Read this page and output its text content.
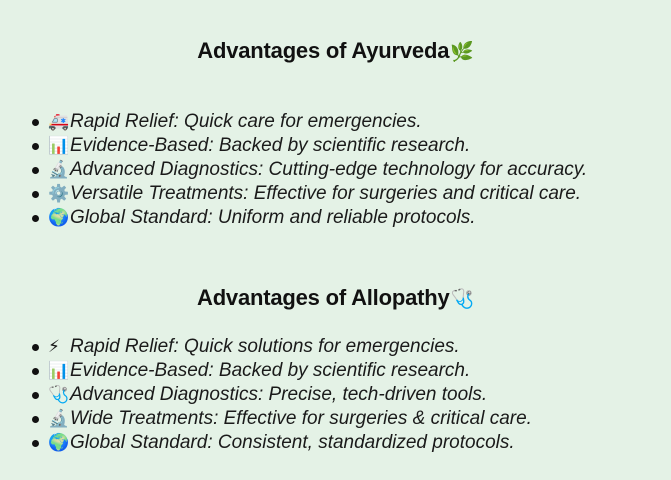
Advantages of Ayurveda🌿
🚑Rapid Relief: Quick care for emergencies.
📊Evidence-Based: Backed by scientific research.
🔬Advanced Diagnostics: Cutting-edge technology for accuracy.
⚙️Versatile Treatments: Effective for surgeries and critical care.
🌍Global Standard: Uniform and reliable protocols.
Advantages of Allopathy🩺
⚡ Rapid Relief: Quick solutions for emergencies.
📊Evidence-Based: Backed by scientific research.
🩺Advanced Diagnostics: Precise, tech-driven tools.
🔬Wide Treatments: Effective for surgeries & critical care.
🌍Global Standard: Consistent, standardized protocols.
